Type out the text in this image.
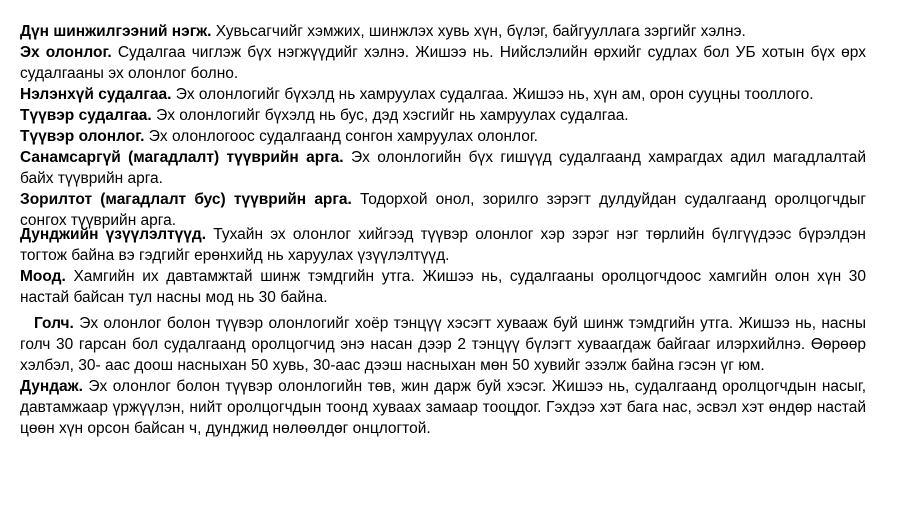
Дүн шинжилгээний нэгж. Хувьсагчийг хэмжих, шинжлэх хувь хүн, бүлэг, байгууллага зэргийг хэлнэ.

Эх олонлог. Судалгаа чиглэж бүх нэгжүүдийг хэлнэ. Жишээ нь. Нийслэлийн өрхийг судлах бол УБ хотын бүх өрх судалгааны эх олонлог болно.

Нэлэнхүй судалгаа. Эх олонлогийг бүхэлд нь хамруулах судалгаа. Жишээ нь, хүн ам, орон сууцны тооллого.

Түүвэр судалгаа. Эх олонлогийг бүхэлд нь бус, дэд хэсгийг нь хамруулах судалгаа.

Түүвэр олонлог. Эх олонлогоос судалгаанд сонгон хамруулах олонлог.

Санамсаргүй (магадлалт) түүврийн арга. Эх олонлогийн бүх гишүүд судалгаанд хамрагдах адил магадлалтай байх түүврийн арга.

Зорилтот (магадлалт бус) түүврийн арга. Тодорхой онол, зорилго зэрэгт дулдуйдан судалгаанд оролцогчдыг сонгох түүврийн арга.

Дунджийн үзүүлэлтүүд. Тухайн эх олонлог хийгээд түүвэр олонлог хэр зэрэг нэг төрлийн бүлгүүдээс бүрэлдэн тогтож байна вэ гэдгийг ерөнхийд нь харуулах үзүүлэлтүүд.

Моод. Хамгийн их давтамжтай шинж тэмдгийн утга. Жишээ нь, судалгааны оролцогчдоос хамгийн олон хүн 30 настай байсан тул насны мод нь 30 байна.

Голч. Эх олонлог болон түүвэр олонлогийг хоёр тэнцүү хэсэгт хувааж буй шинж тэмдгийн утга. Жишээ нь, насны голч 30 гарсан бол судалгаанд оролцогчид энэ насан дээр 2 тэнцүү бүлэгт хуваагдаж байгааг илэрхийлнэ. Өөрөөр хэлбэл, 30- аас доош насныхан 50 хувь, 30-аас дээш насныхан мөн 50 хувийг эзэлж байна гэсэн үг юм.

Дундаж. Эх олонлог болон түүвэр олонлогийн төв, жин дарж буй хэсэг. Жишээ нь, судалгаанд оролцогчдын насыг, давтамжаар үржүүлэн, нийт оролцогчдын тоонд хуваах замаар тооцдог. Гэхдээ хэт бага нас, эсвэл хэт өндөр настай цөөн хүн орсон байсан ч, дунджид нөлөөлдөг онцлогтой.
